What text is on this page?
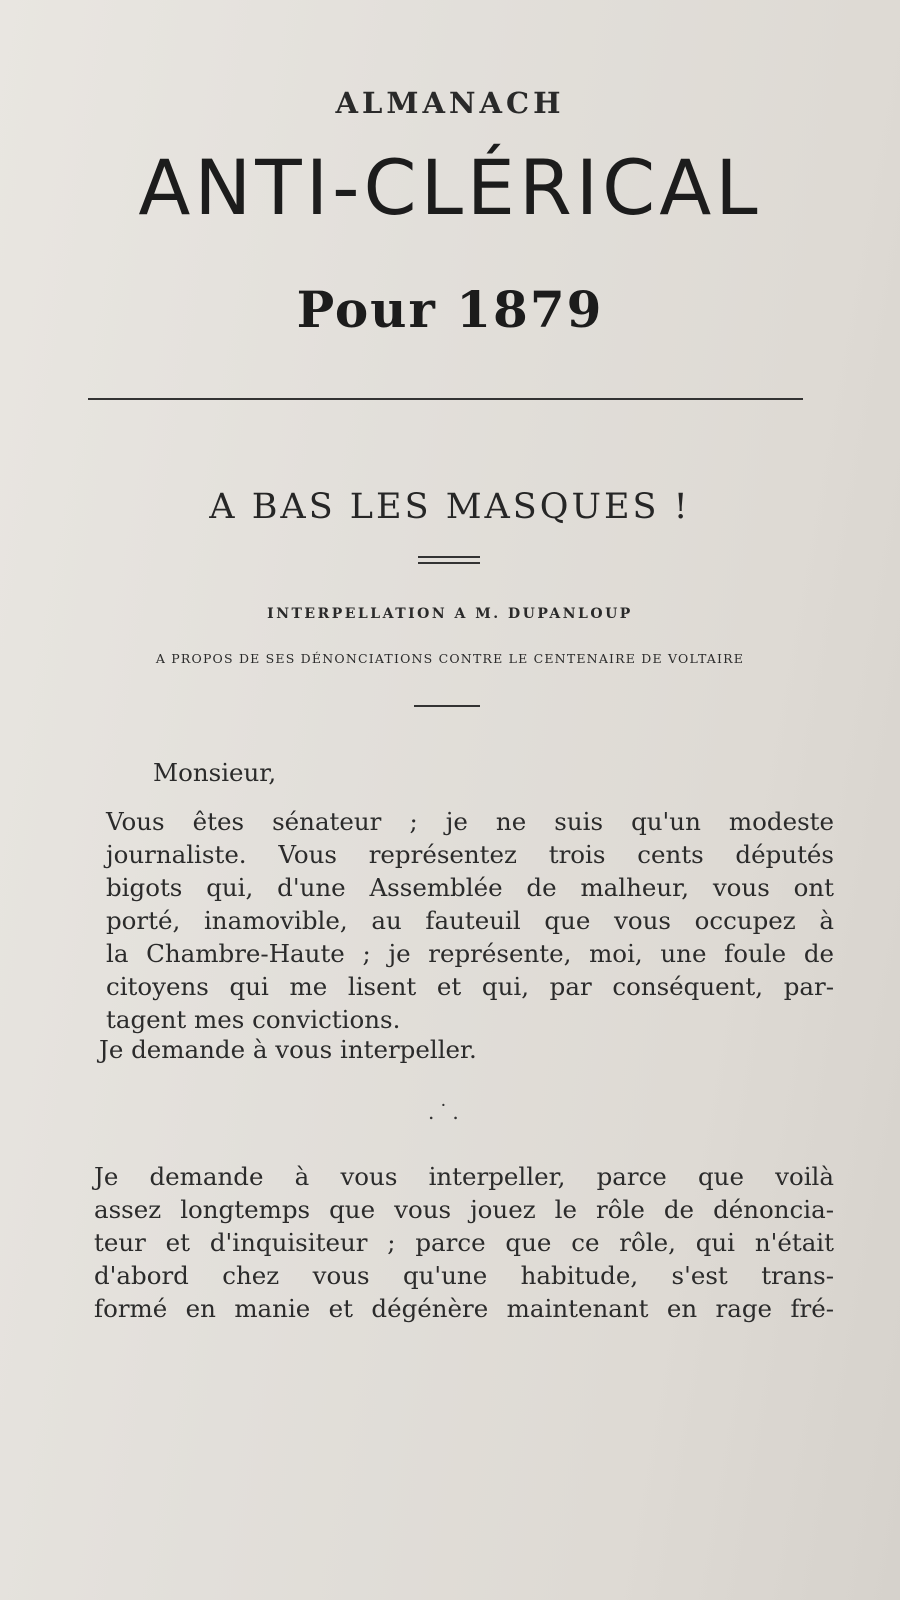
ALMANACH
ANTI-CLÉRICAL
Pour 1879
A BAS LES MASQUES !
INTERPELLATION A M. DUPANLOUP
A PROPOS DE SES DÉNONCIATIONS CONTRE LE CENTENAIRE DE VOLTAIRE
Monsieur,
Vous êtes sénateur ; je ne suis qu'un modeste
journaliste. Vous représentez trois cents députés
bigots qui, d'une Assemblée de malheur, vous ont
porté, inamovible, au fauteuil que vous occupez à
la Chambre-Haute ; je représente, moi, une foule de
citoyens qui me lisent et qui, par conséquent, par-
tagent mes convictions.
Je demande à vous interpeller.
.˙.
Je demande à vous interpeller, parce que voilà
assez longtemps que vous jouez le rôle de dénoncia-
teur et d'inquisiteur ; parce que ce rôle, qui n'était
d'abord chez vous qu'une habitude, s'est trans-
formé en manie et dégénère maintenant en rage fré-
